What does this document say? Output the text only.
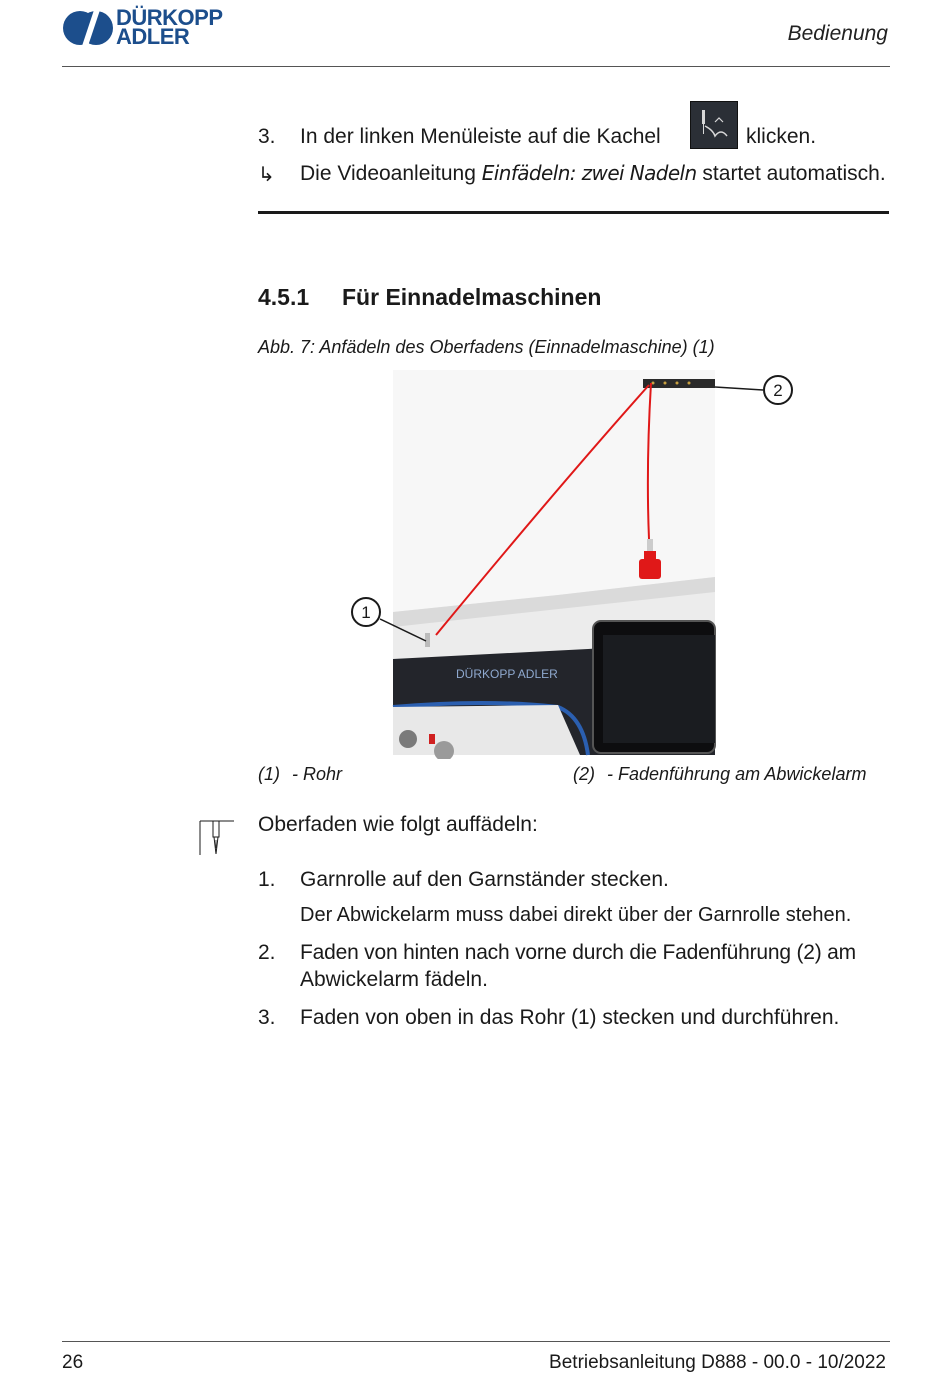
DÜRKOPP
ADLER	Bedienung
3. In der linken Menüleiste auf die Kachel	klicken.
↳ Die Videoanleitung Einfädeln: zwei Nadeln startet automatisch.
4.5.1 Für Einnadelmaschinen
Abb. 7: Anfädeln des Oberfadens (Einnadelmaschine) (1)
DÜRKOPP ADLER
1
2
(1) - Rohr	(2) - Fadenführung am Abwickelarm
Oberfaden wie folgt auffädeln:
1. Garnrolle auf den Garnständer stecken.
Der Abwickelarm muss dabei direkt über der Garnrolle stehen.
2. Faden von hinten nach vorne durch die Fadenführung (2) am
Abwickelarm fädeln.
3. Faden von oben in das Rohr (1) stecken und durchführen.
26	Betriebsanleitung D888 - 00.0 - 10/2022
